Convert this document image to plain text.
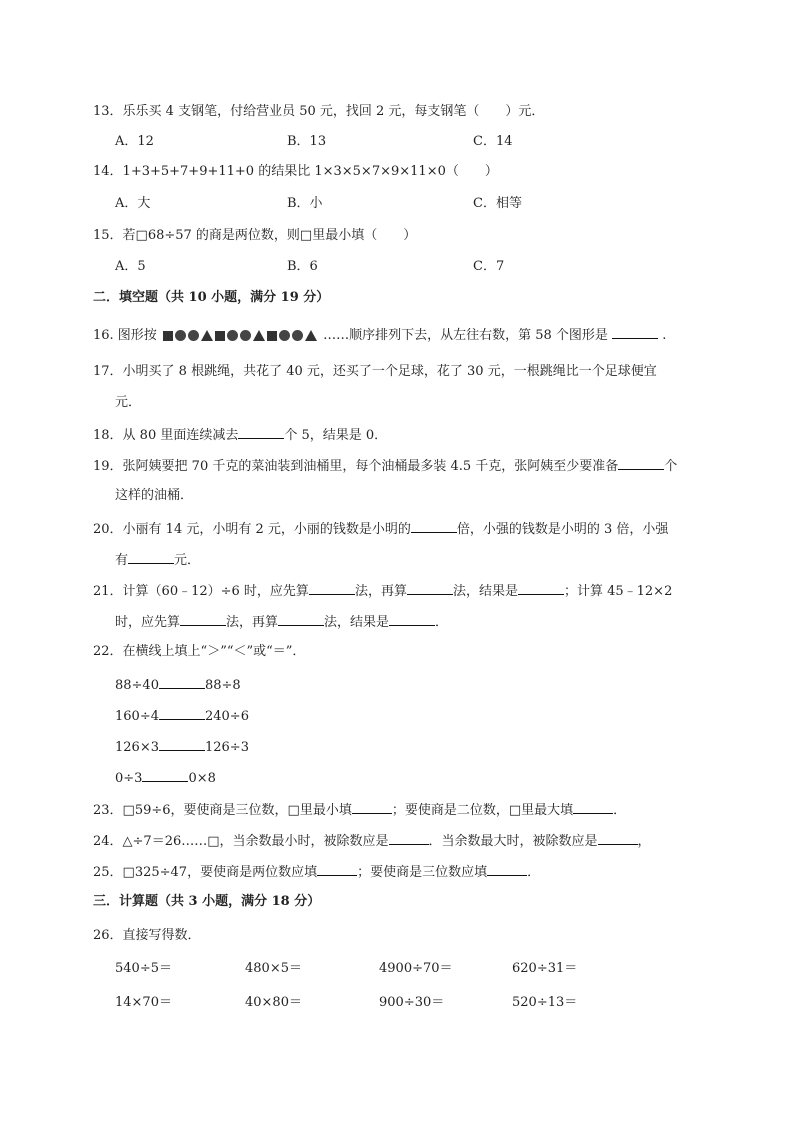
13．乐乐买 4 支钢笔，付给营业员 50 元，找回 2 元，每支钢笔（　　）元．
A．12	B．13	C．14
14．1+3+5+7+9+11+0 的结果比 1×3×5×7×9×11×0（　　）
A．大	B．小	C．相等
15．若□68÷57 的商是两位数，则□里最小填（　　）
A．5	B．6	C．7
二．填空题（共 10 小题，满分 19 分）
16. 图形按	……顺序排列下去，从左往右数，第 58 个图形是	.
17．小明买了 8 根跳绳，共花了 40 元，还买了一个足球，花了 30 元，一根跳绳比一个足球便宜
元．
18．从 80 里面连续减去	个 5，结果是 0．
19．张阿姨要把 70 千克的菜油装到油桶里，每个油桶最多装 4.5 千克，张阿姨至少要准备	个
这样的油桶．
20．小丽有 14 元，小明有 2 元，小丽的钱数是小明的	倍，小强的钱数是小明的 3 倍，小强
有	元．
21．计算（60﹣12）÷6 时，应先算	法，再算	法，结果是	；计算 45﹣12×2
时，应先算	法，再算	法，结果是	．
22．在横线上填上“＞”“＜”或“＝”．
88÷40	88÷8
160÷4	240÷6
126×3	126÷3
0÷3	0×8
23．□59÷6，要使商是三位数，□里最小填	；要使商是二位数，□里最大填	．
24．△÷7＝26……□，当余数最小时，被除数应是	．当余数最大时，被除数应是	，
25．□325÷47，要使商是两位数应填	；要使商是三位数应填	．
三．计算题（共 3 小题，满分 18 分）
26．直接写得数．
540÷5＝	480×5＝	4900÷70＝	620÷31＝
14×70＝	40×80＝	900÷30＝	520÷13＝
